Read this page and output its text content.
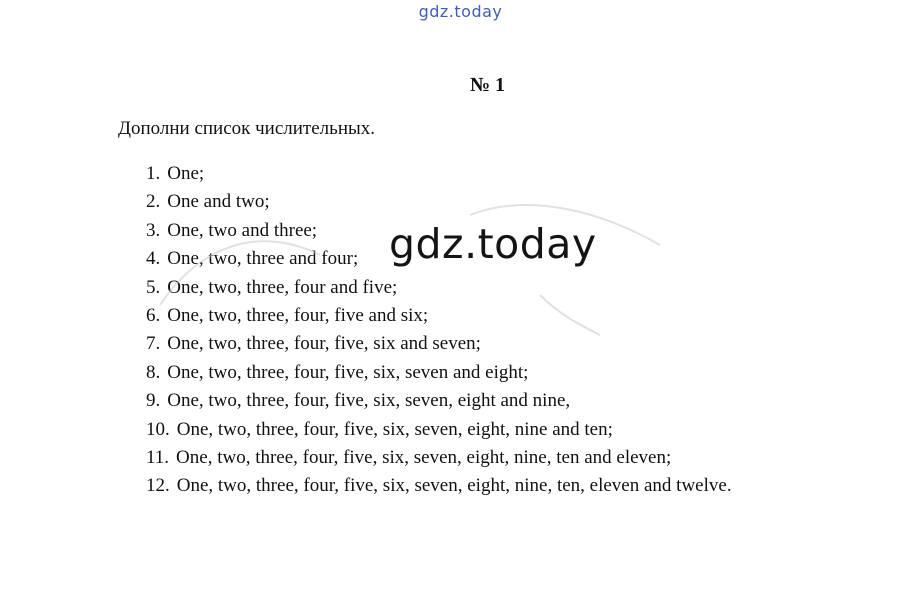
gdz.today
№ 1
Дополни список числительных.
1. One;
2. One and two;
3. One, two and three;
4. One, two, three and four;
5. One, two, three, four and five;
6. One, two, three, four, five and six;
7. One, two, three, four, five, six and seven;
8. One, two, three, four, five, six, seven and eight;
9. One, two, three, four, five, six, seven, eight and nine,
10. One, two, three, four, five, six, seven, eight, nine and ten;
11. One, two, three, four, five, six, seven, eight, nine, ten and eleven;
12. One, two, three, four, five, six, seven, eight, nine, ten, eleven and twelve.
gdz.today
